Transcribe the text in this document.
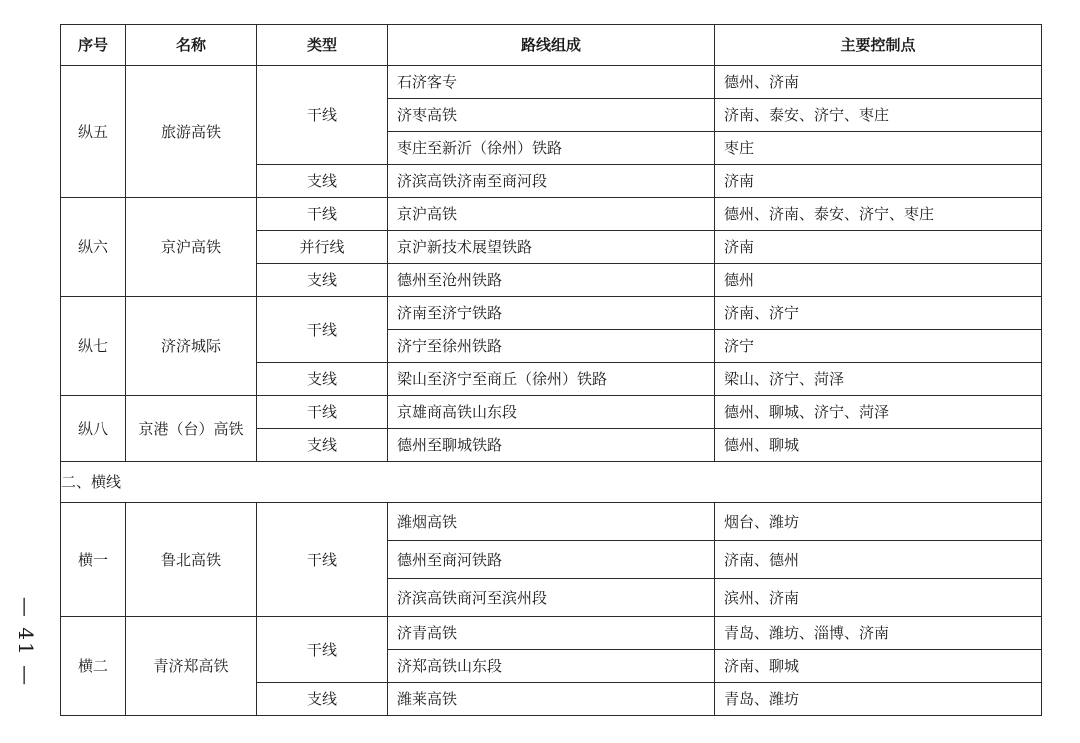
序号	名称	类型	路线组成	主要控制点
纵五	旅游高铁	干线	石济客专	德州、济南
			济枣高铁	济南、泰安、济宁、枣庄
			枣庄至新沂（徐州）铁路	枣庄
		支线	济滨高铁济南至商河段	济南
纵六	京沪高铁	干线	京沪高铁	德州、济南、泰安、济宁、枣庄
		并行线	京沪新技术展望铁路	济南
		支线	德州至沧州铁路	德州
纵七	济济城际	干线	济南至济宁铁路	济南、济宁
			济宁至徐州铁路	济宁
		支线	梁山至济宁至商丘（徐州）铁路	梁山、济宁、菏泽
纵八	京港（台）高铁	干线	京雄商高铁山东段	德州、聊城、济宁、菏泽
		支线	德州至聊城铁路	德州、聊城
二、横线				
横一	鲁北高铁	干线	潍烟高铁	烟台、潍坊
			德州至商河铁路	济南、德州
			济滨高铁商河至滨州段	滨州、济南
横二	青济郑高铁	干线	济青高铁	青岛、潍坊、淄博、济南
			济郑高铁山东段	济南、聊城
		支线	潍莱高铁	青岛、潍坊
— 41 —
